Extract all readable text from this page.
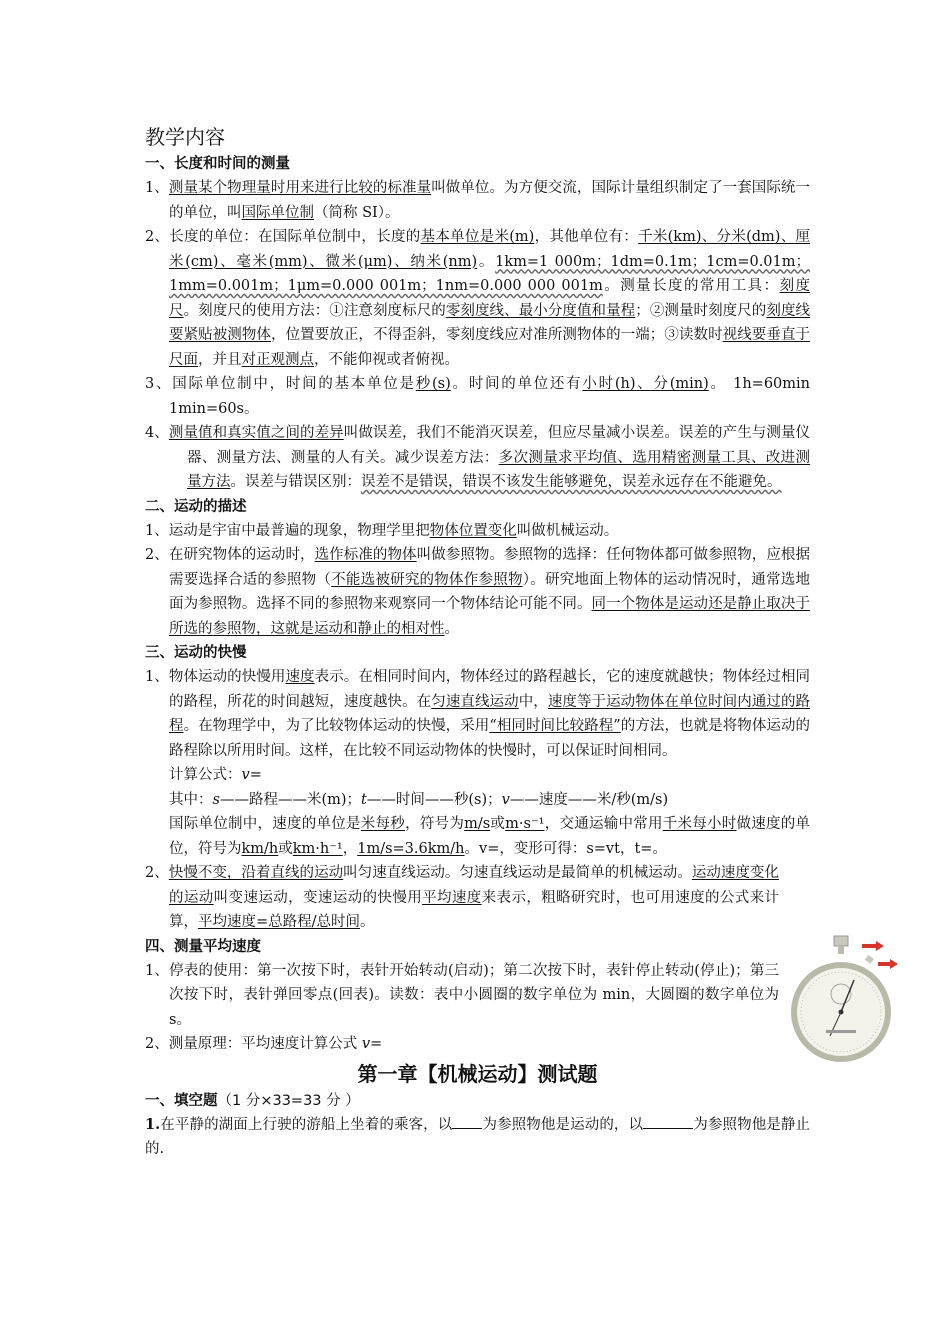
教学内容
一、长度和时间的测量

1、测量某个物理量时用来进行比较的标准量叫做单位。为方便交流，国际计量组织制定了一套国际统一的单位，叫国际单位制（简称 SI）。

2、长度的单位：在国际单位制中，长度的基本单位是米(m)，其他单位有：千米(km)、分米(dm)、厘米(cm)、毫米(mm)、微米(μm)、纳米(nm)。1km=1 000m；1dm=0.1m；1cm=0.01m；1mm=0.001m；1μm=0.000 001m；1nm=0.000 000 001m。测量长度的常用工具：刻度尺。刻度尺的使用方法：①注意刻度标尺的零刻度线、最小分度值和量程；②测量时刻度尺的刻度线要紧贴被测物体，位置要放正，不得歪斜，零刻度线应对准所测物体的一端；③读数时视线要垂直于尺面，并且对正观测点，不能仰视或者俯视。

3、国际单位制中，时间的基本单位是秒(s)。时间的单位还有小时(h)、分(min)。 1h=60min 1min=60s。

4、测量值和真实值之间的差异叫做误差，我们不能消灭误差，但应尽量减小误差。误差的产生与测量仪器、测量方法、测量的人有关。减少误差方法：多次测量求平均值、选用精密测量工具、改进测量方法。误差与错误区别：误差不是错误，错误不该发生能够避免，误差永远存在不能避免。

二、运动的描述

1、运动是宇宙中最普遍的现象，物理学里把物体位置变化叫做机械运动。

2、在研究物体的运动时，选作标准的物体叫做参照物。参照物的选择：任何物体都可做参照物，应根据需要选择合适的参照物（不能选被研究的物体作参照物）。研究地面上物体的运动情况时，通常选地面为参照物。选择不同的参照物来观察同一个物体结论可能不同。同一个物体是运动还是静止取决于所选的参照物，这就是运动和静止的相对性。

三、运动的快慢

1、物体运动的快慢用速度表示。在相同时间内，物体经过的路程越长，它的速度就越快；物体经过相同的路程，所花的时间越短，速度越快。在匀速直线运动中，速度等于运动物体在单位时间内通过的路程。在物理学中，为了比较物体运动的快慢，采用“相同时间比较路程”的方法，也就是将物体运动的路程除以所用时间。这样，在比较不同运动物体的快慢时，可以保证时间相同。

计算公式：v=

其中：s——路程——米(m)；t——时间——秒(s)；v——速度——米/秒(m/s)

国际单位制中，速度的单位是米每秒，符号为m/s或m·s⁻¹，交通运输中常用千米每小时做速度的单位，符号为km/h或km·h⁻¹，1m/s=3.6km/h。v=，变形可得：s=vt，t=。

2、快慢不变，沿着直线的运动叫匀速直线运动。匀速直线运动是最简单的机械运动。运动速度变化的运动叫变速运动，变速运动的快慢用平均速度来表示，粗略研究时，也可用速度的公式来计算，平均速度=总路程/总时间。

四、测量平均速度

1、停表的使用：第一次按下时，表针开始转动(启动)；第二次按下时，表针停止转动(停止)；第三次按下时，表针弹回零点(回表)。读数：表中小圆圈的数字单位为 min，大圆圈的数字单位为 s。

2、测量原理：平均速度计算公式 v=

第一章【机械运动】测试题
一、填空题（1 分×33=33 分 ）

1.在平静的湖面上行驶的游船上坐着的乘客，以 为参照物他是运动的，以	为参照物他是静止的.
